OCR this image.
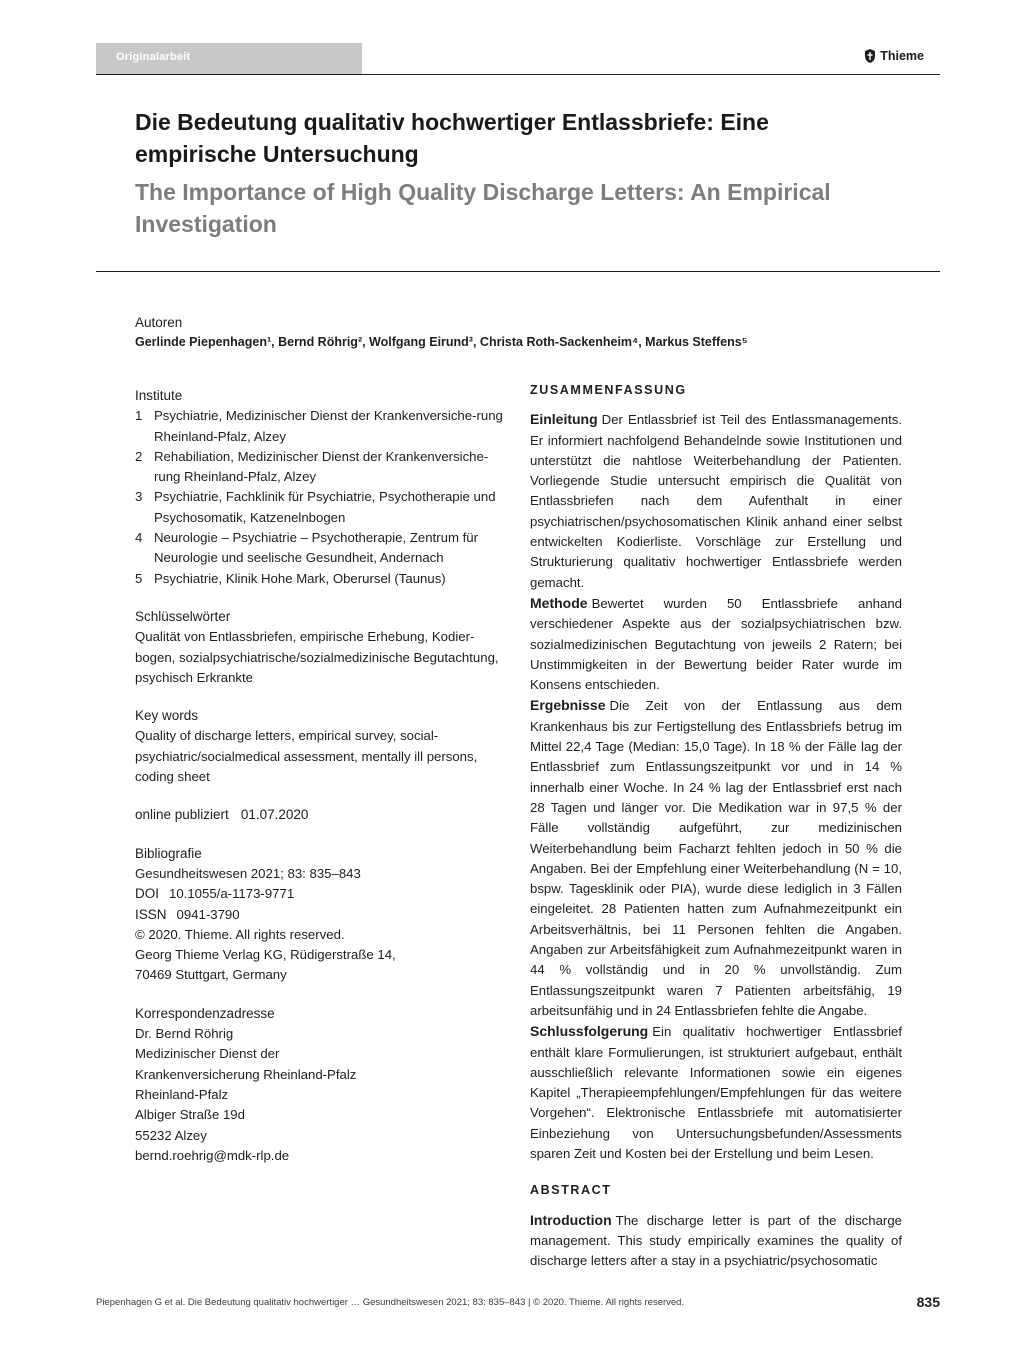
Originalarbeit	Thieme
Die Bedeutung qualitativ hochwertiger Entlassbriefe: Eine empirische Untersuchung
The Importance of High Quality Discharge Letters: An Empirical Investigation
Autoren
Gerlinde Piepenhagen¹, Bernd Röhrig², Wolfgang Eirund³, Christa Roth-Sackenheim⁴, Markus Steffens⁵
Institute
1 Psychiatrie, Medizinischer Dienst der Krankenversiche-rung Rheinland-Pfalz, Alzey
2 Rehabiliation, Medizinischer Dienst der Krankenversiche-rung Rheinland-Pfalz, Alzey
3 Psychiatrie, Fachklinik für Psychiatrie, Psychotherapie und Psychosomatik, Katzenelnbogen
4 Neurologie – Psychiatrie – Psychotherapie, Zentrum für Neurologie und seelische Gesundheit, Andernach
5 Psychiatrie, Klinik Hohe Mark, Oberursel (Taunus)
Schlüsselwörter
Qualität von Entlassbriefen, empirische Erhebung, Kodier-bogen, sozialpsychiatrische/sozialmedizinische Begutachtung, psychisch Erkrankte
Key words
Quality of discharge letters, empirical survey, social-psychiatric/socialmedical assessment, mentally ill persons, coding sheet
online publiziert 01.07.2020
Bibliografie
Gesundheitswesen 2021; 83: 835–843
DOI 10.1055/a-1173-9771
ISSN 0941-3790
© 2020. Thieme. All rights reserved.
Georg Thieme Verlag KG, Rüdigerstraße 14,
70469 Stuttgart, Germany
Korrespondenzadresse
Dr. Bernd Röhrig
Medizinischer Dienst der
Krankenversicherung Rheinland-Pfalz
Rheinland-Pfalz
Albiger Straße 19d
55232 Alzey
bernd.roehrig@mdk-rlp.de
ZUSAMMENFASSUNG
Einleitung Der Entlassbrief ist Teil des Entlassmanagements. Er informiert nachfolgend Behandelnde sowie Institutionen und unterstützt die nahtlose Weiterbehandlung der Patienten. Vorliegende Studie untersucht empirisch die Qualität von Entlassbriefen nach dem Aufenthalt in einer psychiatrischen/psychosomatischen Klinik anhand einer selbst entwickelten Kodierliste. Vorschläge zur Erstellung und Strukturierung qualitativ hochwertiger Entlassbriefe werden gemacht.
Methode Bewertet wurden 50 Entlassbriefe anhand verschiedener Aspekte aus der sozialpsychiatrischen bzw. sozialmedizinischen Begutachtung von jeweils 2 Ratern; bei Unstimmigkeiten in der Bewertung beider Rater wurde im Konsens entschieden.
Ergebnisse Die Zeit von der Entlassung aus dem Krankenhaus bis zur Fertigstellung des Entlassbriefs betrug im Mittel 22,4 Tage (Median: 15,0 Tage). In 18 % der Fälle lag der Entlassbrief zum Entlassungszeitpunkt vor und in 14 % innerhalb einer Woche. In 24 % lag der Entlassbrief erst nach 28 Tagen und länger vor. Die Medikation war in 97,5 % der Fälle vollständig aufgeführt, zur medizinischen Weiterbehandlung beim Facharzt fehlten jedoch in 50 % die Angaben. Bei der Empfehlung einer Weiterbehandlung (N = 10, bspw. Tagesklinik oder PIA), wurde diese lediglich in 3 Fällen eingeleitet. 28 Patienten hatten zum Aufnahmezeitpunkt ein Arbeitsverhältnis, bei 11 Personen fehlten die Angaben. Angaben zur Arbeitsfähigkeit zum Aufnahmezeitpunkt waren in 44 % vollständig und in 20 % unvollständig. Zum Entlassungszeitpunkt waren 7 Patienten arbeitsfähig, 19 arbeitsunfähig und in 24 Entlassbriefen fehlte die Angabe.
Schlussfolgerung Ein qualitativ hochwertiger Entlassbrief enthält klare Formulierungen, ist strukturiert aufgebaut, enthält ausschließlich relevante Informationen sowie ein eigenes Kapitel „Therapieempfehlungen/Empfehlungen für das weitere Vorgehen“. Elektronische Entlassbriefe mit automatisierter Einbeziehung von Untersuchungsbefunden/Assessments sparen Zeit und Kosten bei der Erstellung und beim Lesen.
ABSTRACT
Introduction The discharge letter is part of the discharge management. This study empirically examines the quality of discharge letters after a stay in a psychiatric/psychosomatic
Piepenhagen G et al. Die Bedeutung qualitativ hochwertiger … Gesundheitswesen 2021; 83: 835–843 | © 2020. Thieme. All rights reserved.	835
